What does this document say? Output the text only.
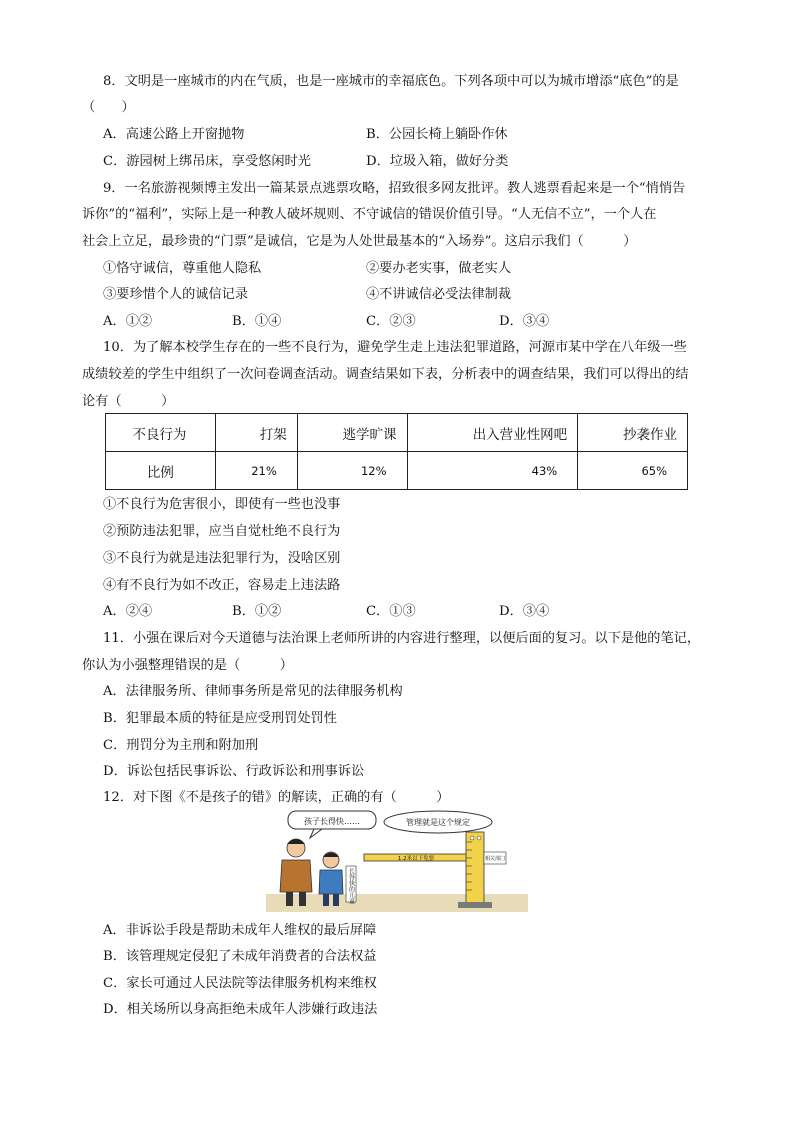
8．文明是一座城市的内在气质，也是一座城市的幸福底色。下列各项中可以为城市增添“底色”的是
（　　）
A．高速公路上开窗抛物	B．公园长椅上躺卧作休
C．游园树上绑吊床，享受悠闲时光	D．垃圾入箱，做好分类
9．一名旅游视频博主发出一篇某景点逃票攻略，招致很多网友批评。教人逃票看起来是一个“悄悄告
诉你”的“福利”，实际上是一种教人破坏规则、不守诚信的错误价值引导。“人无信不立”，一个人在
社会上立足，最珍贵的“门票”是诚信，它是为人处世最基本的“入场券”。这启示我们（　　　）
①恪守诚信，尊重他人隐私	②要办老实事，做老实人
③要珍惜个人的诚信记录	④不讲诚信必受法律制裁
A．①②	B．①④	C．②③	D．③④
10．为了解本校学生存在的一些不良行为，避免学生走上违法犯罪道路，河源市某中学在八年级一些
成绩较差的学生中组织了一次问卷调查活动。调查结果如下表，分析表中的调查结果，我们可以得出的结
论有（　　　）
不良行为	打架	逃学旷课	出入营业性网吧	抄袭作业
比例	21%	12%	43%	65%
①不良行为危害很小，即使有一些也没事
②预防违法犯罪，应当自觉杜绝不良行为
③不良行为就是违法犯罪行为，没啥区别
④有不良行为如不改正，容易走上违法路
A．②④	B．①②	C．①③	D．③④
11．小强在课后对今天道德与法治课上老师所讲的内容进行整理，以便后面的复习。以下是他的笔记，
你认为小强整理错误的是（　　　）
A．法律服务所、律师事务所是常见的法律服务机构
B．犯罪最本质的特征是应受刑罚处罚性
C．刑罚分为主刑和附加刑
D．诉讼包括民事诉讼、行政诉讼和刑事诉讼
12．对下图《不是孩子的错》的解读，正确的有（　　　）
孩子长得快……	管理就是这个规定
长得快的儿童
1.2米以下免票	相关部门
A．非诉讼手段是帮助未成年人维权的最后屏障
B．该管理规定侵犯了未成年消费者的合法权益
C．家长可通过人民法院等法律服务机构来维权
D．相关场所以身高拒绝未成年人涉嫌行政违法
